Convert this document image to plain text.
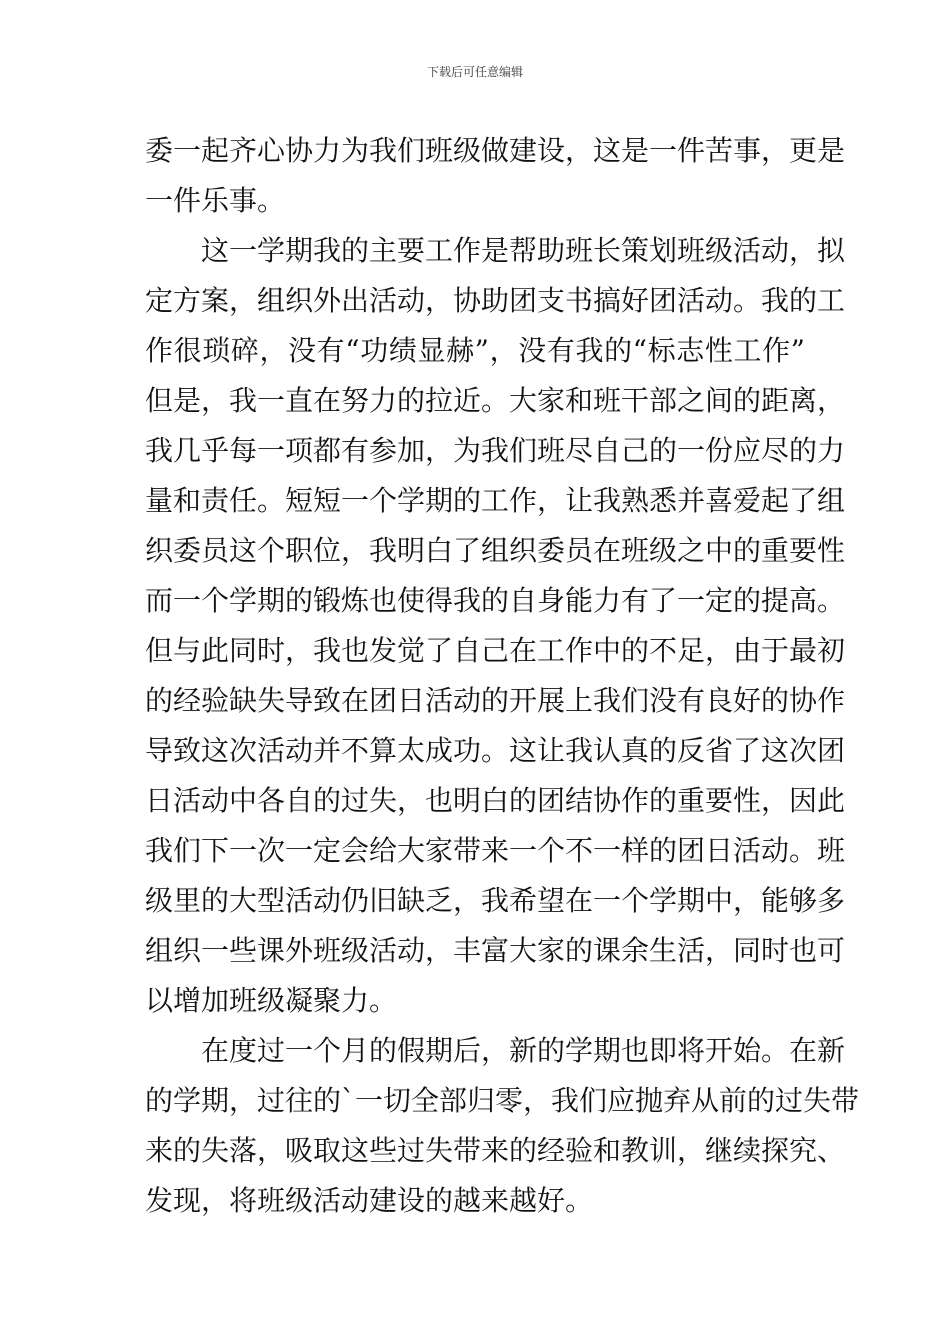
下载后可任意编辑
委一起齐心协力为我们班级做建设，这是一件苦事，更是
一件乐事。
这一学期我的主要工作是帮助班长策划班级活动，拟
定方案，组织外出活动，协助团支书搞好团活动。我的工
作很琐碎，没有“功绩显赫”，没有我的“标志性工作”
但是，我一直在努力的拉近。大家和班干部之间的距离，
我几乎每一项都有参加，为我们班尽自己的一份应尽的力
量和责任。短短一个学期的工作，让我熟悉并喜爱起了组
织委员这个职位，我明白了组织委员在班级之中的重要性
而一个学期的锻炼也使得我的自身能力有了一定的提高。
但与此同时，我也发觉了自己在工作中的不足，由于最初
的经验缺失导致在团日活动的开展上我们没有良好的协作
导致这次活动并不算太成功。这让我认真的反省了这次团
日活动中各自的过失，也明白的团结协作的重要性，因此
我们下一次一定会给大家带来一个不一样的团日活动。班
级里的大型活动仍旧缺乏，我希望在一个学期中，能够多
组织一些课外班级活动，丰富大家的课余生活，同时也可
以增加班级凝聚力。
在度过一个月的假期后，新的学期也即将开始。在新
的学期，过往的`一切全部归零，我们应抛弃从前的过失带
来的失落，吸取这些过失带来的经验和教训，继续探究、
发现，将班级活动建设的越来越好。
